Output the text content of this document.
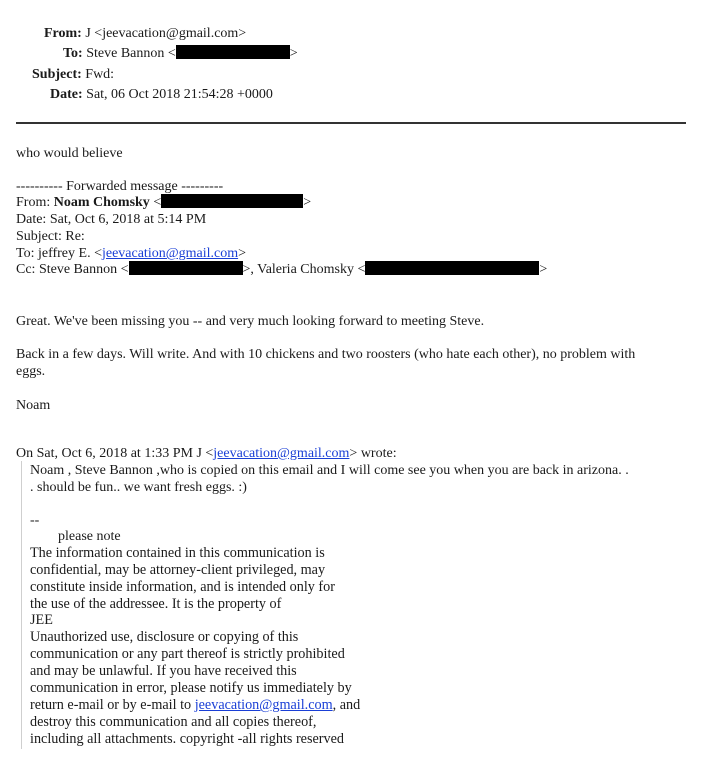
From: J <jeevacation@gmail.com>
To: Steve Bannon <	>
Subject: Fwd:
Date: Sat, 06 Oct 2018 21:54:28 +0000
who would believe
---------- Forwarded message ---------
From: Noam Chomsky <	>
Date: Sat, Oct 6, 2018 at 5:14 PM
Subject: Re:
To: jeffrey E. <jeevacation@gmail.com>
Cc: Steve Bannon <	>, Valeria Chomsky <	>
Great. We've been missing you -- and very much looking forward to meeting Steve.
Back in a few days. Will write. And with 10 chickens and two roosters (who hate each other), no problem with
eggs.
Noam
On Sat, Oct 6, 2018 at 1:33 PM J <jeevacation@gmail.com> wrote:
Noam , Steve Bannon ,who is copied on this email and I will come see you when you are back in arizona. .
. should be fun.. we want fresh eggs. :)
--
please note
The information contained in this communication is
confidential, may be attorney-client privileged, may
constitute inside information, and is intended only for
the use of the addressee. It is the property of
JEE
Unauthorized use, disclosure or copying of this
communication or any part thereof is strictly prohibited
and may be unlawful. If you have received this
communication in error, please notify us immediately by
return e-mail or by e-mail to jeevacation@gmail.com, and
destroy this communication and all copies thereof,
including all attachments. copyright -all rights reserved
